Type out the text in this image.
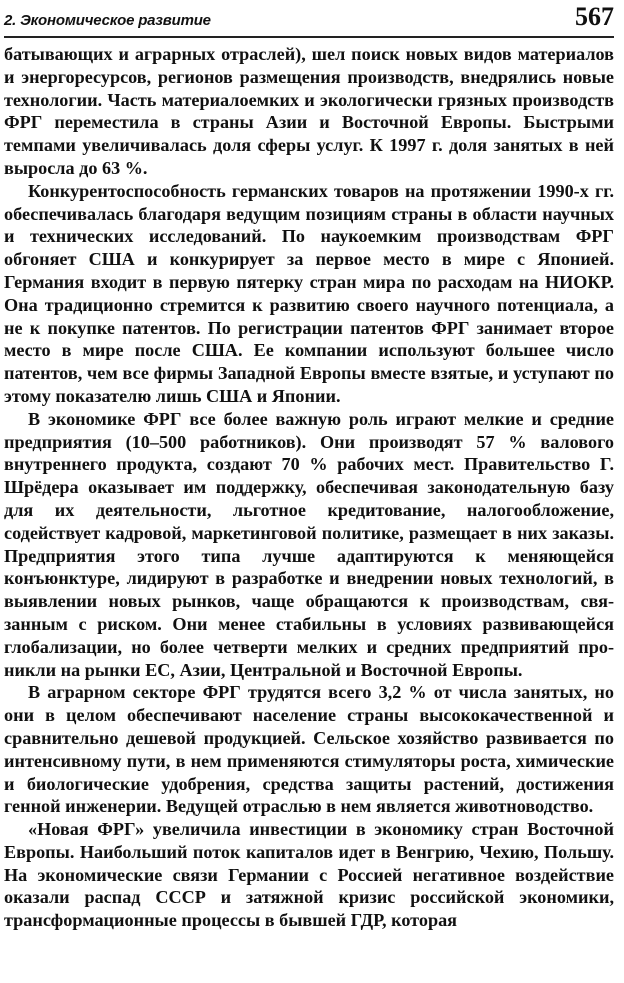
2. Экономическое развитие	567

батывающих и аграрных отраслей), шел поиск новых видов материалов и энергоресурсов, регионов размещения производств, внедрялись новые технологии. Часть материалоемких и экологически грязных производств ФРГ переместила в страны Азии и Восточной Европы. Быстрыми темпами увеличивалась доля сферы услуг. К 1997 г. доля занятых в ней выросла до 63 %.

Конкурентоспособность германских товаров на протяжении 1990-х гг. обеспечивалась благодаря ведущим позициям страны в области научных и технических исследований. По наукоемким производствам ФРГ обгоняет США и конкурирует за первое место в мире с Японией. Германия входит в первую пятерку стран мира по расходам на НИОКР. Она традиционно стремится к развитию своего научного потенциала, а не к покупке патентов. По регистрации патентов ФРГ занимает второе место в мире после США. Ее компании используют большее число патентов, чем все фирмы Западной Европы вместе взятые, и уступают по этому показателю лишь США и Японии.

В экономике ФРГ все более важную роль играют мелкие и средние предприятия (10–500 работников). Они производят 57 % валового внутреннего продукта, создают 70 % рабочих мест. Правительство Г. Шрёдера оказывает им поддержку, обеспечивая законодательную базу для их деятельности, льготное кредитование, налогообложение, содействует кадровой, маркетинговой политике, размещает в них заказы. Предприятия этого типа лучше адаптируются к меняющейся конъюнктуре, лидируют в разработке и внедрении новых технологий, в выявлении новых рынков, чаще обращаются к производствам, связанным с риском. Они менее стабильны в условиях развивающейся глобализации, но более четверти мелких и средних предприятий проникли на рынки ЕС, Азии, Центральной и Восточной Европы.

В аграрном секторе ФРГ трудятся всего 3,2 % от числа занятых, но они в целом обеспечивают население страны высококачественной и сравнительно дешевой продукцией. Сельское хозяйство развивается по интенсивному пути, в нем применяются стимуляторы роста, химические и биологические удобрения, средства защиты растений, достижения генной инженерии. Ведущей отраслью в нем является животноводство.

«Новая ФРГ» увеличила инвестиции в экономику стран Восточной Европы. Наибольший поток капиталов идет в Венгрию, Чехию, Польшу. На экономические связи Германии с Россией негативное воздействие оказали распад СССР и затяжной кризис российской экономики, трансформационные процессы в бывшей ГДР, которая
